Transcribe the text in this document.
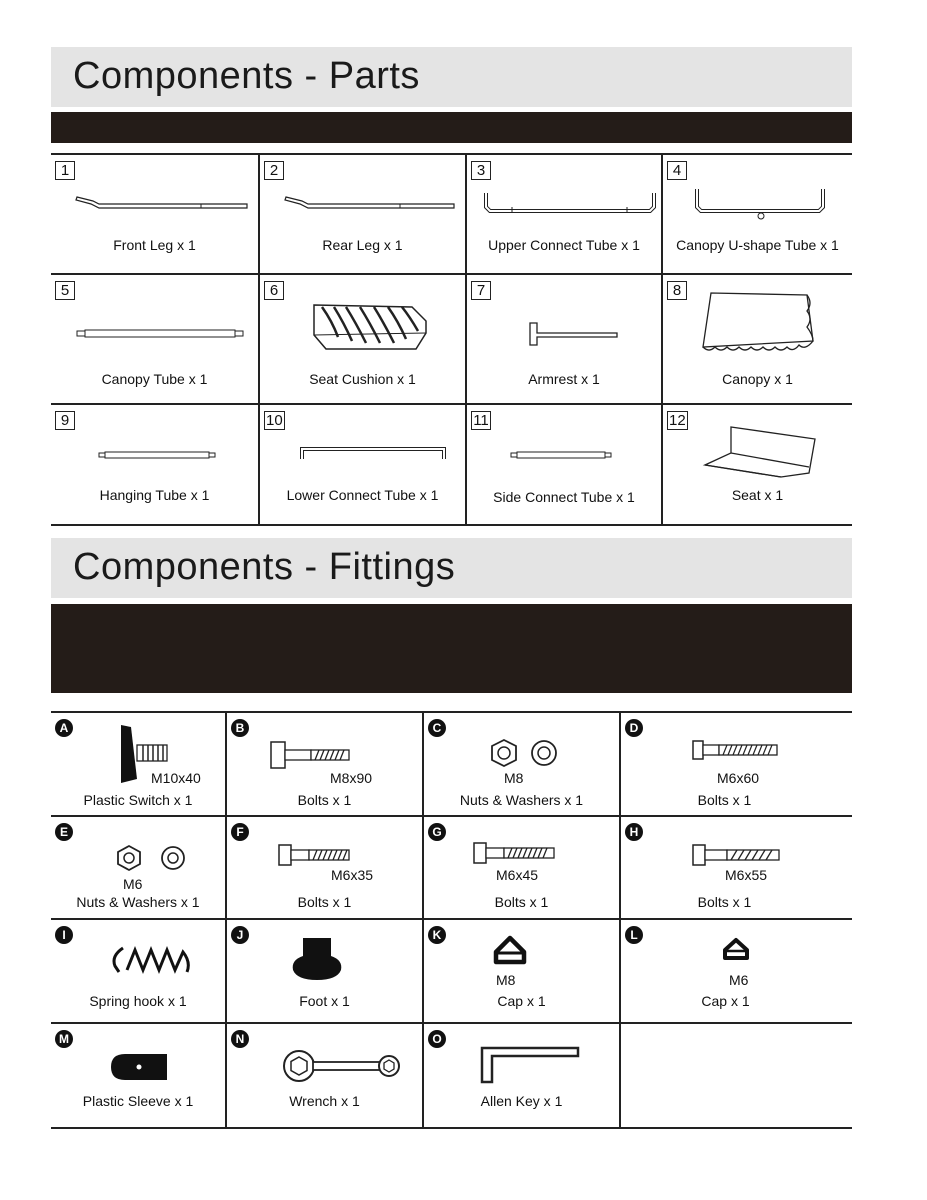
Components - Parts
1
Front Leg x 1
2
Rear Leg x 1
3
Upper Connect Tube x 1
4
Canopy U-shape Tube x 1
5
Canopy Tube x 1
6
Seat Cushion x 1
7
Armrest x 1
8
Canopy x 1
9
Hanging Tube x 1
10
Lower Connect Tube x 1
11
Side Connect Tube x 1
12
Seat x 1
Components - Fittings
A
M10x40
Plastic Switch x 1
B
M8x90
Bolts x 1
C
M8
Nuts & Washers x 1
D
M6x60
Bolts x 1
E
M6
Nuts & Washers x 1
F
M6x35
Bolts x 1
G
M6x45
Bolts x 1
H
M6x55
Bolts x 1
I
Spring hook x 1
J
Foot x 1
K
M8
Cap x 1
L
M6
Cap x 1
M
Plastic Sleeve x 1
N
Wrench x 1
O
Allen Key x 1
